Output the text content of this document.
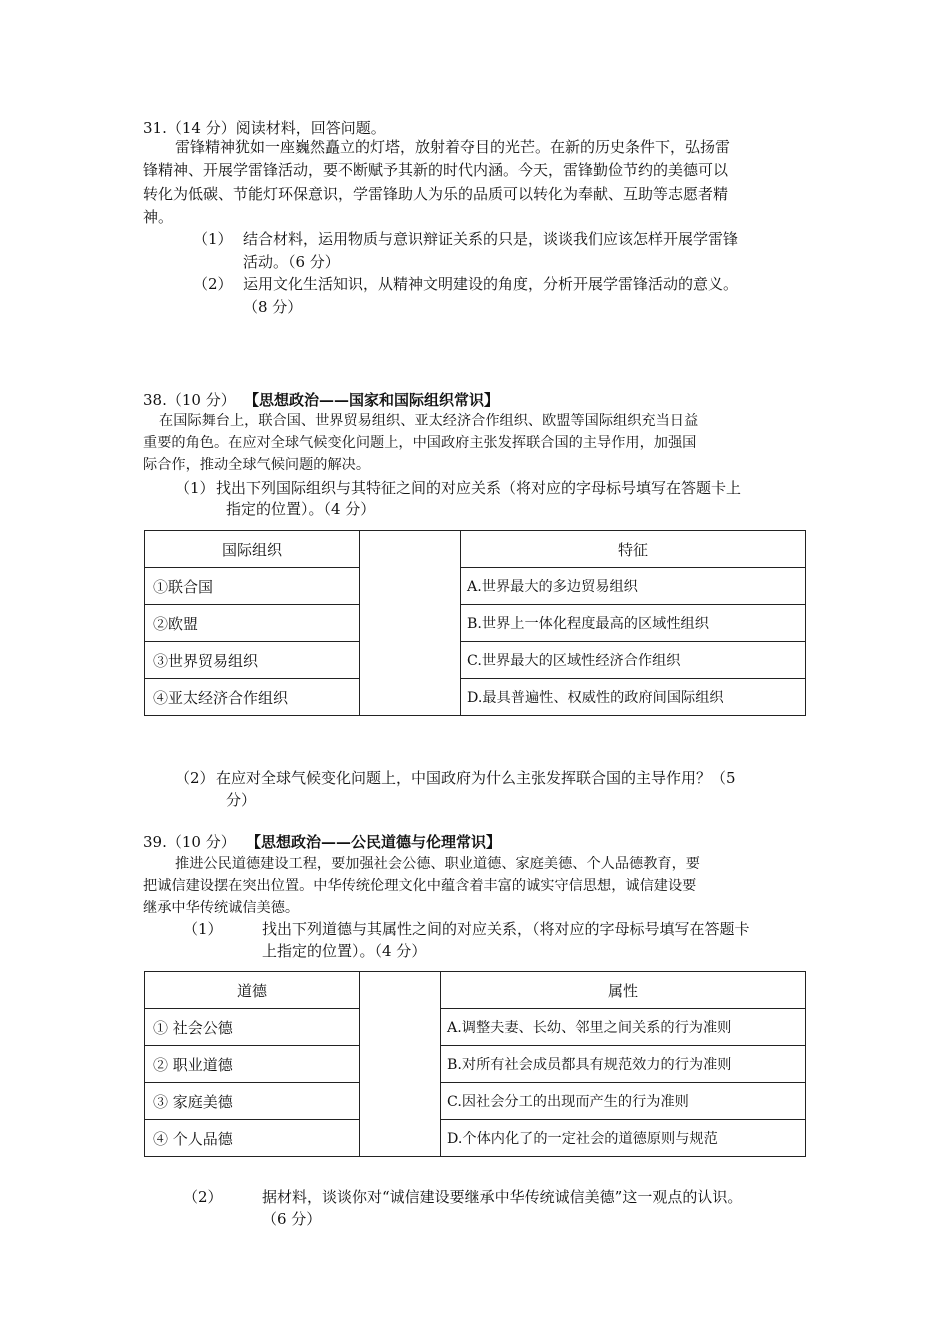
31.（14 分）阅读材料，回答问题。
雷锋精神犹如一座巍然矗立的灯塔，放射着夺目的光芒。在新的历史条件下，弘扬雷
锋精神、开展学雷锋活动，要不断赋予其新的时代内涵。今天，雷锋勤俭节约的美德可以
转化为低碳、节能灯环保意识，学雷锋助人为乐的品质可以转化为奉献、互助等志愿者精
神。
（1） 结合材料，运用物质与意识辩证关系的只是，谈谈我们应该怎样开展学雷锋
活动。（6 分）
（2） 运用文化生活知识，从精神文明建设的角度，分析开展学雷锋活动的意义。
（8 分）
38.（10 分） 【思想政治——国家和国际组织常识】
在国际舞台上，联合国、世界贸易组织、亚太经济合作组织、欧盟等国际组织充当日益
重要的角色。在应对全球气候变化问题上，中国政府主张发挥联合国的主导作用，加强国
际合作，推动全球气候问题的解决。
（1） 找出下列国际组织与其特征之间的对应关系（将对应的字母标号填写在答题卡上
指定的位置）。（4 分）
国际组织		特征
①联合国		A.世界最大的多边贸易组织
②欧盟		B.世界上一体化程度最高的区域性组织
③世界贸易组织		C.世界最大的区域性经济合作组织
④亚太经济合作组织		D.最具普遍性、权威性的政府间国际组织
（2） 在应对全球气候变化问题上，中国政府为什么主张发挥联合国的主导作用？（5
分）
39.（10 分） 【思想政治——公民道德与伦理常识】
推进公民道德建设工程，要加强社会公德、职业道德、家庭美德、个人品德教育，要
把诚信建设摆在突出位置。中华传统伦理文化中蕴含着丰富的诚实守信思想，诚信建设要
继承中华传统诚信美德。
（1）	找出下列道德与其属性之间的对应关系，（将对应的字母标号填写在答题卡
上指定的位置）。（4 分）
道德		属性
① 社会公德		A.调整夫妻、长幼、邻里之间关系的行为准则
② 职业道德		B.对所有社会成员都具有规范效力的行为准则
③ 家庭美德		C.因社会分工的出现而产生的行为准则
④ 个人品德		D.个体内化了的一定社会的道德原则与规范
（2）	据材料，谈谈你对“诚信建设要继承中华传统诚信美德”这一观点的认识。
（6 分）
